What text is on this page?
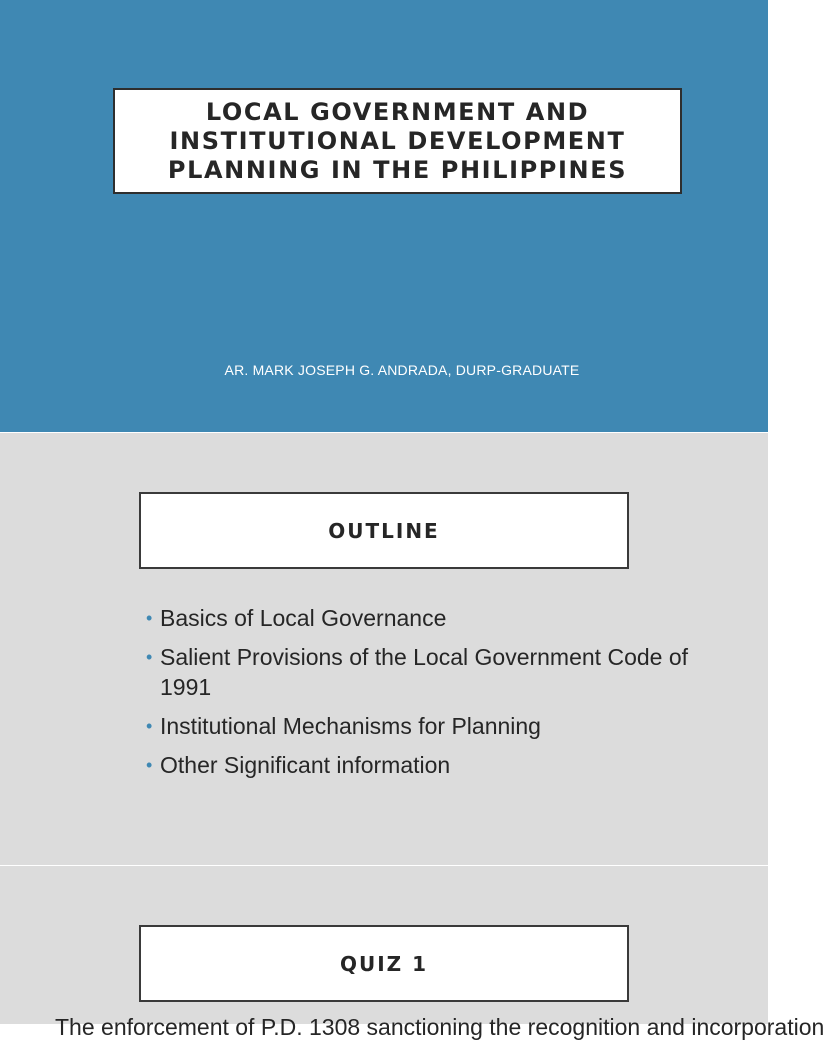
LOCAL GOVERNMENT AND
INSTITUTIONAL DEVELOPMENT
PLANNING IN THE PHILIPPINES
AR. MARK JOSEPH G. ANDRADA, DURP-GRADUATE
OUTLINE
• Basics of Local Governance
• Salient Provisions of the Local Government Code of 1991
• Institutional Mechanisms for Planning
• Other Significant information
QUIZ 1
The enforcement of P.D. 1308 sanctioning the recognition and incorporation
